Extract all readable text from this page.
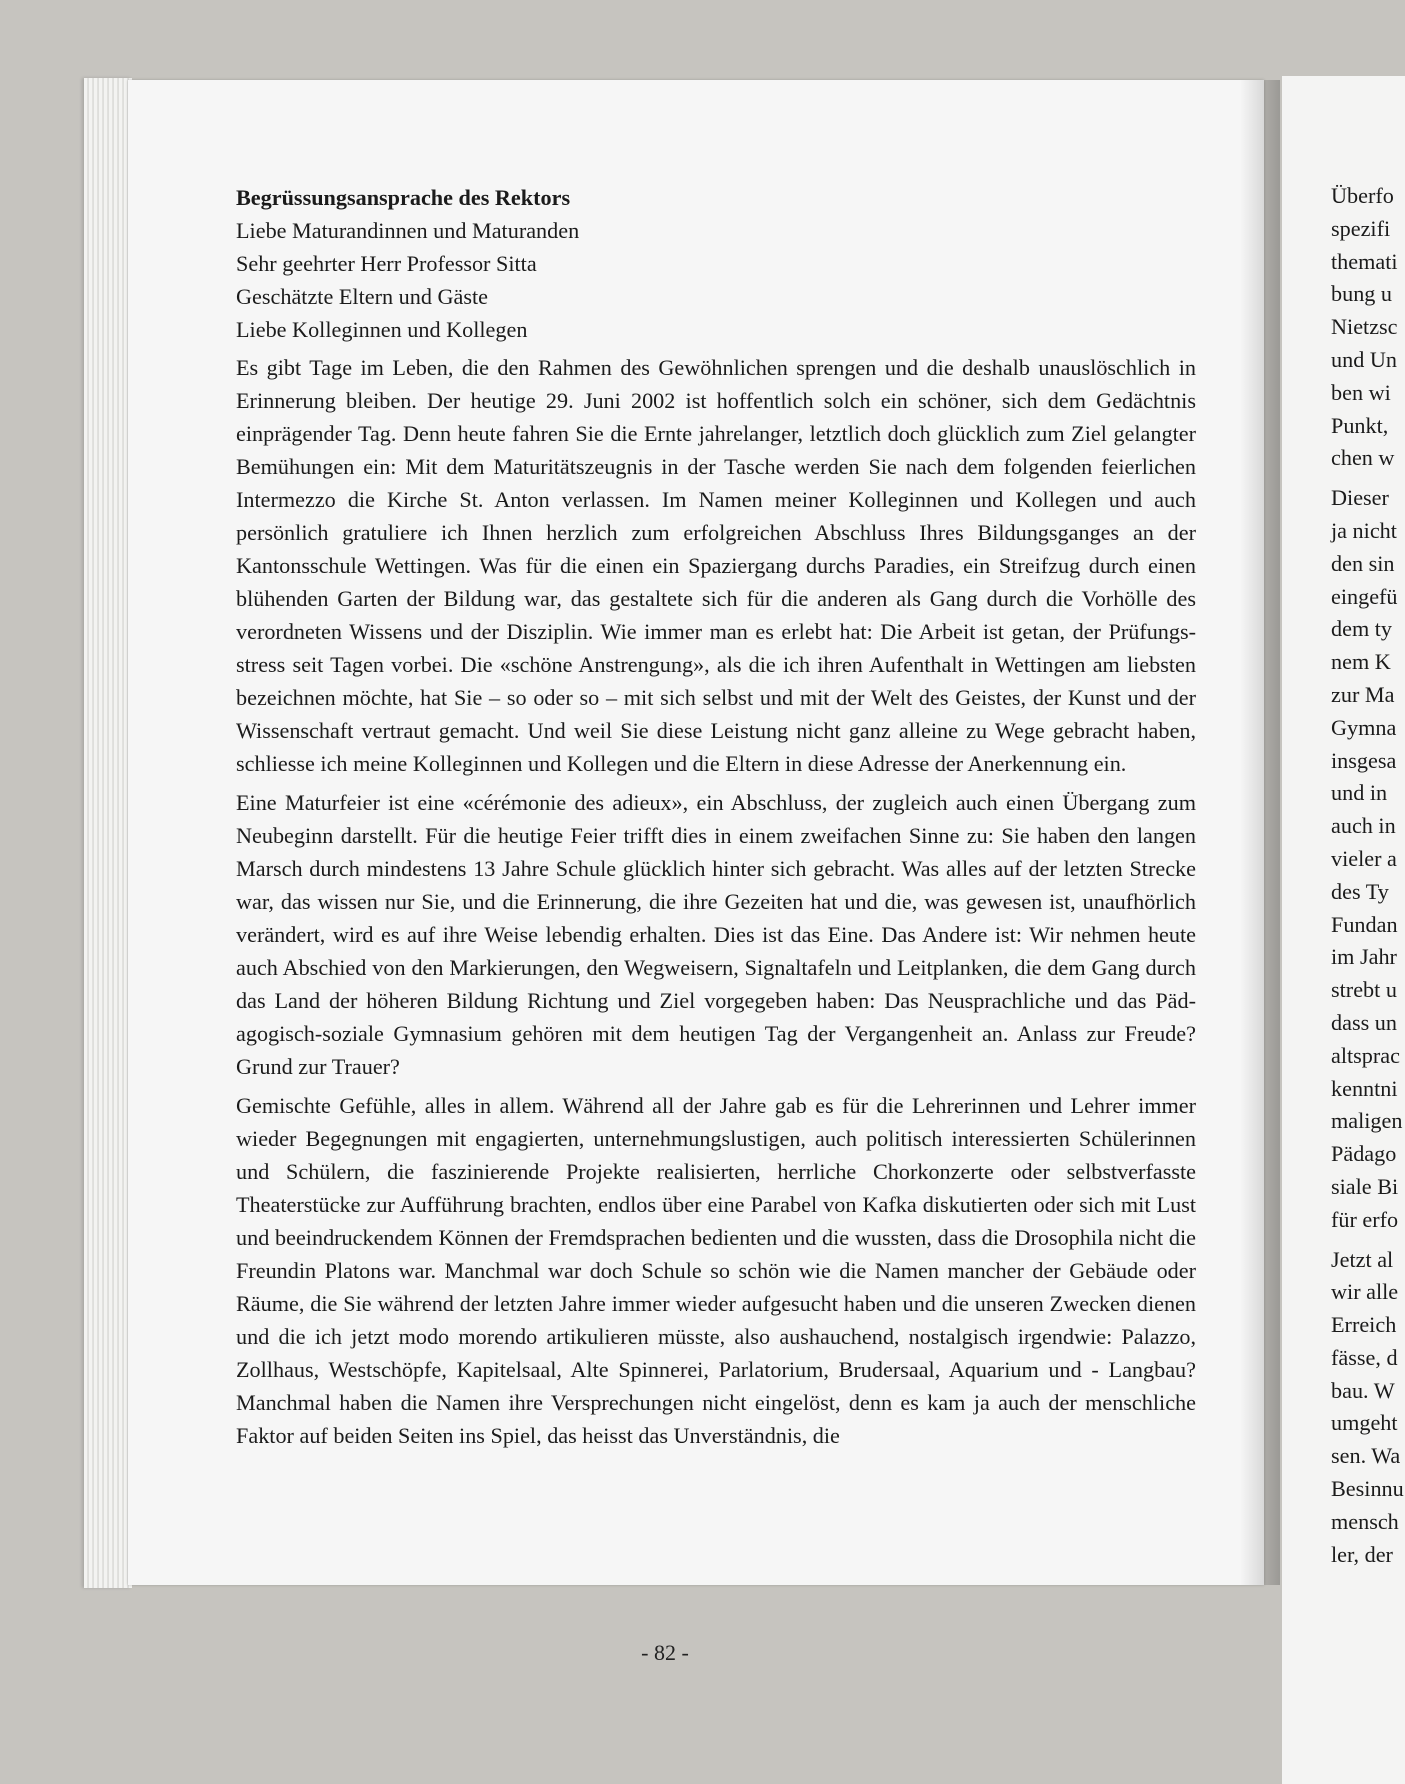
Begrüssungsansprache des Rektors

Liebe Maturandinnen und Maturanden
Sehr geehrter Herr Professor Sitta
Geschätzte Eltern und Gäste
Liebe Kolleginnen und Kollegen

Es gibt Tage im Leben, die den Rahmen des Gewöhnlichen sprengen und die deshalb unauslöschlich in Erinnerung bleiben. Der heutige 29. Juni 2002 ist hoffentlich solch ein schöner, sich dem Gedächtnis einprägender Tag. Denn heute fahren Sie die Ernte jahrelanger, letztlich doch glücklich zum Ziel gelangter Bemühungen ein: Mit dem Maturitätszeugnis in der Tasche werden Sie nach dem folgenden feierlichen Intermezzo die Kirche St. Anton verlassen. Im Namen meiner Kolleginnen und Kollegen und auch persönlich gratuliere ich Ihnen herzlich zum erfolgreichen Abschluss Ihres Bildungsganges an der Kantonsschule Wettingen. Was für die einen ein Spaziergang durchs Paradies, ein Streifzug durch einen blühenden Garten der Bildung war, das gestaltete sich für die anderen als Gang durch die Vorhölle des verordneten Wissens und der Disziplin. Wie immer man es erlebt hat: Die Arbeit ist getan, der Prüfungsstress seit Tagen vorbei. Die «schöne Anstrengung», als die ich ihren Aufenthalt in Wettingen am liebsten bezeichnen möchte, hat Sie – so oder so – mit sich selbst und mit der Welt des Geistes, der Kunst und der Wissenschaft vertraut gemacht. Und weil Sie diese Leistung nicht ganz alleine zu Wege gebracht haben, schliesse ich meine Kolleginnen und Kollegen und die Eltern in diese Adresse der Anerkennung ein.

Eine Maturfeier ist eine «cérémonie des adieux», ein Abschluss, der zugleich auch einen Übergang zum Neubeginn darstellt. Für die heutige Feier trifft dies in einem zweifachen Sinne zu: Sie haben den langen Marsch durch mindestens 13 Jahre Schule glücklich hinter sich gebracht. Was alles auf der letzten Strecke war, das wissen nur Sie, und die Erinnerung, die ihre Gezeiten hat und die, was gewesen ist, unaufhörlich verändert, wird es auf ihre Weise lebendig erhalten. Dies ist das Eine. Das Andere ist: Wir nehmen heute auch Abschied von den Markierungen, den Wegweisern, Signaltafeln und Leitplanken, die dem Gang durch das Land der höheren Bildung Richtung und Ziel vorgegeben haben: Das Neusprachliche und das Pädagogisch-soziale Gymnasium gehören mit dem heutigen Tag der Vergangenheit an. Anlass zur Freude? Grund zur Trauer?

Gemischte Gefühle, alles in allem. Während all der Jahre gab es für die Lehrerinnen und Lehrer immer wieder Begegnungen mit engagierten, unternehmungslustigen, auch politisch interessierten Schülerinnen und Schülern, die faszinierende Projekte realisierten, herrliche Chorkonzerte oder selbstverfasste Theaterstücke zur Aufführung brachten, endlos über eine Parabel von Kafka diskutierten oder sich mit Lust und beeindruckendem Können der Fremdsprachen bedienten und die wussten, dass die Drosophila nicht die Freundin Platons war. Manchmal war doch Schule so schön wie die Namen mancher der Gebäude oder Räume, die Sie während der letzten Jahre immer wieder aufgesucht haben und die unseren Zwecken dienen und die ich jetzt modo morendo artikulieren müsste, also aushauchend, nostalgisch irgendwie: Palazzo, Zollhaus, Westschöpfe, Kapitelsaal, Alte Spinnerei, Parlatorium, Brudersaal, Aquarium und - Langbau? Manchmal haben die Namen ihre Versprechungen nicht eingelöst, denn es kam ja auch der menschliche Faktor auf beiden Seiten ins Spiel, das heisst das Unverständnis, die

- 82 -
Überfo
spezifi
themati
bung u
Nietzsc
und Un
ben wi
Punkt,
chen w
Dieser
ja nicht
den sin
eingefü
dem ty
nem K
zur Ma
Gymna
insgesa
und in
auch in
vieler a
des Ty
Fundan
im Jahr
strebt u
dass un
altsprac
kenntni
maligen
Pädago
siale Bi
für erfo
Jetzt al
wir alle
Erreich
fässe, d
bau. W
umgeht
sen. Wa
Besinnu
mensch
ler, der
